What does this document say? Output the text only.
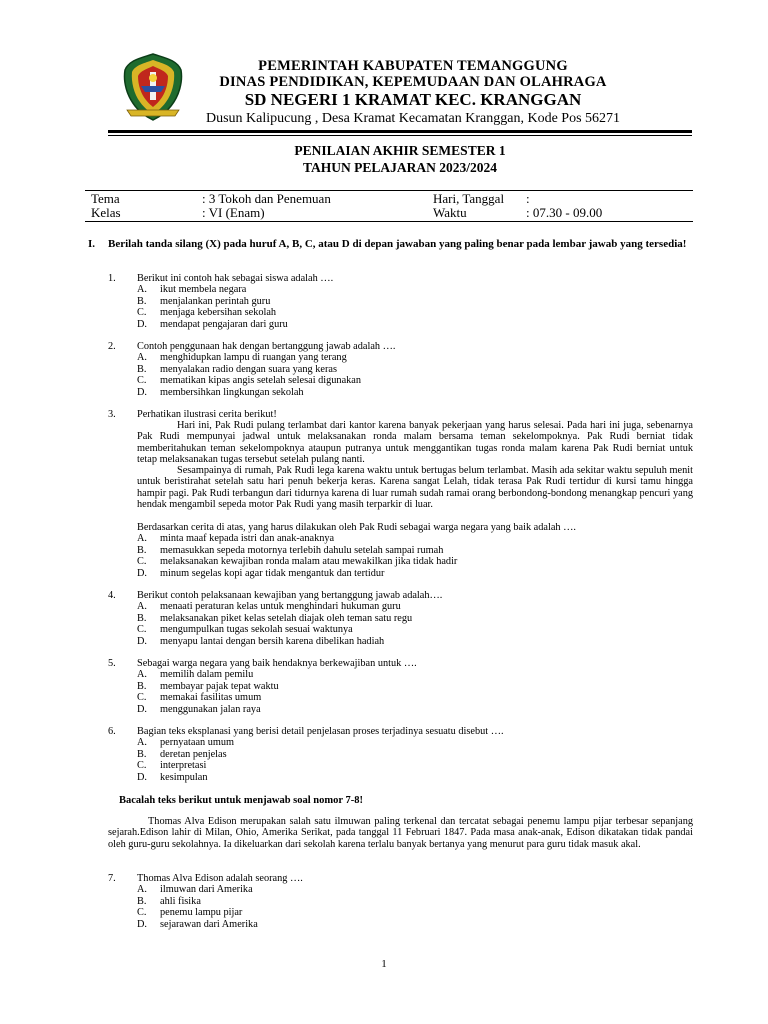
PEMERINTAH KABUPATEN TEMANGGUNG
DINAS PENDIDIKAN, KEPEMUDAAN DAN OLAHRAGA
SD NEGERI 1 KRAMAT KEC. KRANGGAN
Dusun Kalipucung , Desa Kramat Kecamatan Kranggan, Kode Pos 56271
PENILAIAN AKHIR SEMESTER 1
TAHUN PELAJARAN 2023/2024
Tema	: 3 Tokoh dan Penemuan	Hari, Tanggal :
Kelas	: VI (Enam)	Waktu	: 07.30 - 09.00
I. Berilah tanda silang (X) pada huruf A, B, C, atau D di depan jawaban yang paling benar pada lembar jawab yang tersedia!
1. Berikut ini contoh hak sebagai siswa adalah ….
A. ikut membela negara
B. menjalankan perintah guru
C. menjaga kebersihan sekolah
D. mendapat pengajaran dari guru
2. Contoh penggunaan hak dengan bertanggung jawab adalah ….
A. menghidupkan lampu di ruangan yang terang
B. menyalakan radio dengan suara yang keras
C. mematikan kipas angis setelah selesai digunakan
D. membersihkan lingkungan sekolah
3. Perhatikan ilustrasi cerita berikut!
Hari ini, Pak Rudi pulang terlambat dari kantor karena banyak pekerjaan yang harus selesai. Pada hari ini juga, sebenarnya Pak Rudi mempunyai jadwal untuk melaksanakan ronda malam bersama teman sekelompoknya. Pak Rudi berniat tidak memberitahukan teman sekelompoknya ataupun putranya untuk menggantikan tugas ronda malam karena Pak Rudi berniat untuk tetap melaksanakan tugas tersebut setelah pulang nanti.
Sesampainya di rumah, Pak Rudi lega karena waktu untuk bertugas belum terlambat. Masih ada sekitar waktu sepuluh menit untuk beristirahat setelah satu hari penuh bekerja keras. Karena sangat Lelah, tidak terasa Pak Rudi tertidur di kursi tamu hingga hampir pagi. Pak Rudi terbangun dari tidurnya karena di luar rumah sudah ramai orang berbondong-bondong menangkap pencuri yang hendak mengambil sepeda motor Pak Rudi yang masih terparkir di luar.
Berdasarkan cerita di atas, yang harus dilakukan oleh Pak Rudi sebagai warga negara yang baik adalah ….
A. minta maaf kepada istri dan anak-anaknya
B. memasukkan sepeda motornya terlebih dahulu setelah sampai rumah
C. melaksanakan kewajiban ronda malam atau mewakilkan jika tidak hadir
D. minum segelas kopi agar tidak mengantuk dan tertidur
4. Berikut contoh pelaksanaan kewajiban yang bertanggung jawab adalah….
A. menaati peraturan kelas untuk menghindari hukuman guru
B. melaksanakan piket kelas setelah diajak oleh teman satu regu
C. mengumpulkan tugas sekolah sesuai waktunya
D. menyapu lantai dengan bersih karena dibelikan hadiah
5. Sebagai warga negara yang baik hendaknya berkewajiban untuk ….
A. memilih dalam pemilu
B. membayar pajak tepat waktu
C. memakai fasilitas umum
D. menggunakan jalan raya
6. Bagian teks eksplanasi yang berisi detail penjelasan proses terjadinya sesuatu disebut ….
A. pernyataan umum
B. deretan penjelas
C. interpretasi
D. kesimpulan
Bacalah teks berikut untuk menjawab soal nomor 7-8!
Thomas Alva Edison merupakan salah satu ilmuwan paling terkenal dan tercatat sebagai penemu lampu pijar terbesar sepanjang sejarah.Edison lahir di Milan, Ohio, Amerika Serikat, pada tanggal 11 Februari 1847. Pada masa anak-anak, Edison dikatakan tidak pandai oleh guru-guru sekolahnya. Ia dikeluarkan dari sekolah karena terlalu banyak bertanya yang menurut para guru tidak masuk akal.
7. Thomas Alva Edison adalah seorang ….
A. ilmuwan dari Amerika
B. ahli fisika
C. penemu lampu pijar
D. sejarawan dari Amerika
1
